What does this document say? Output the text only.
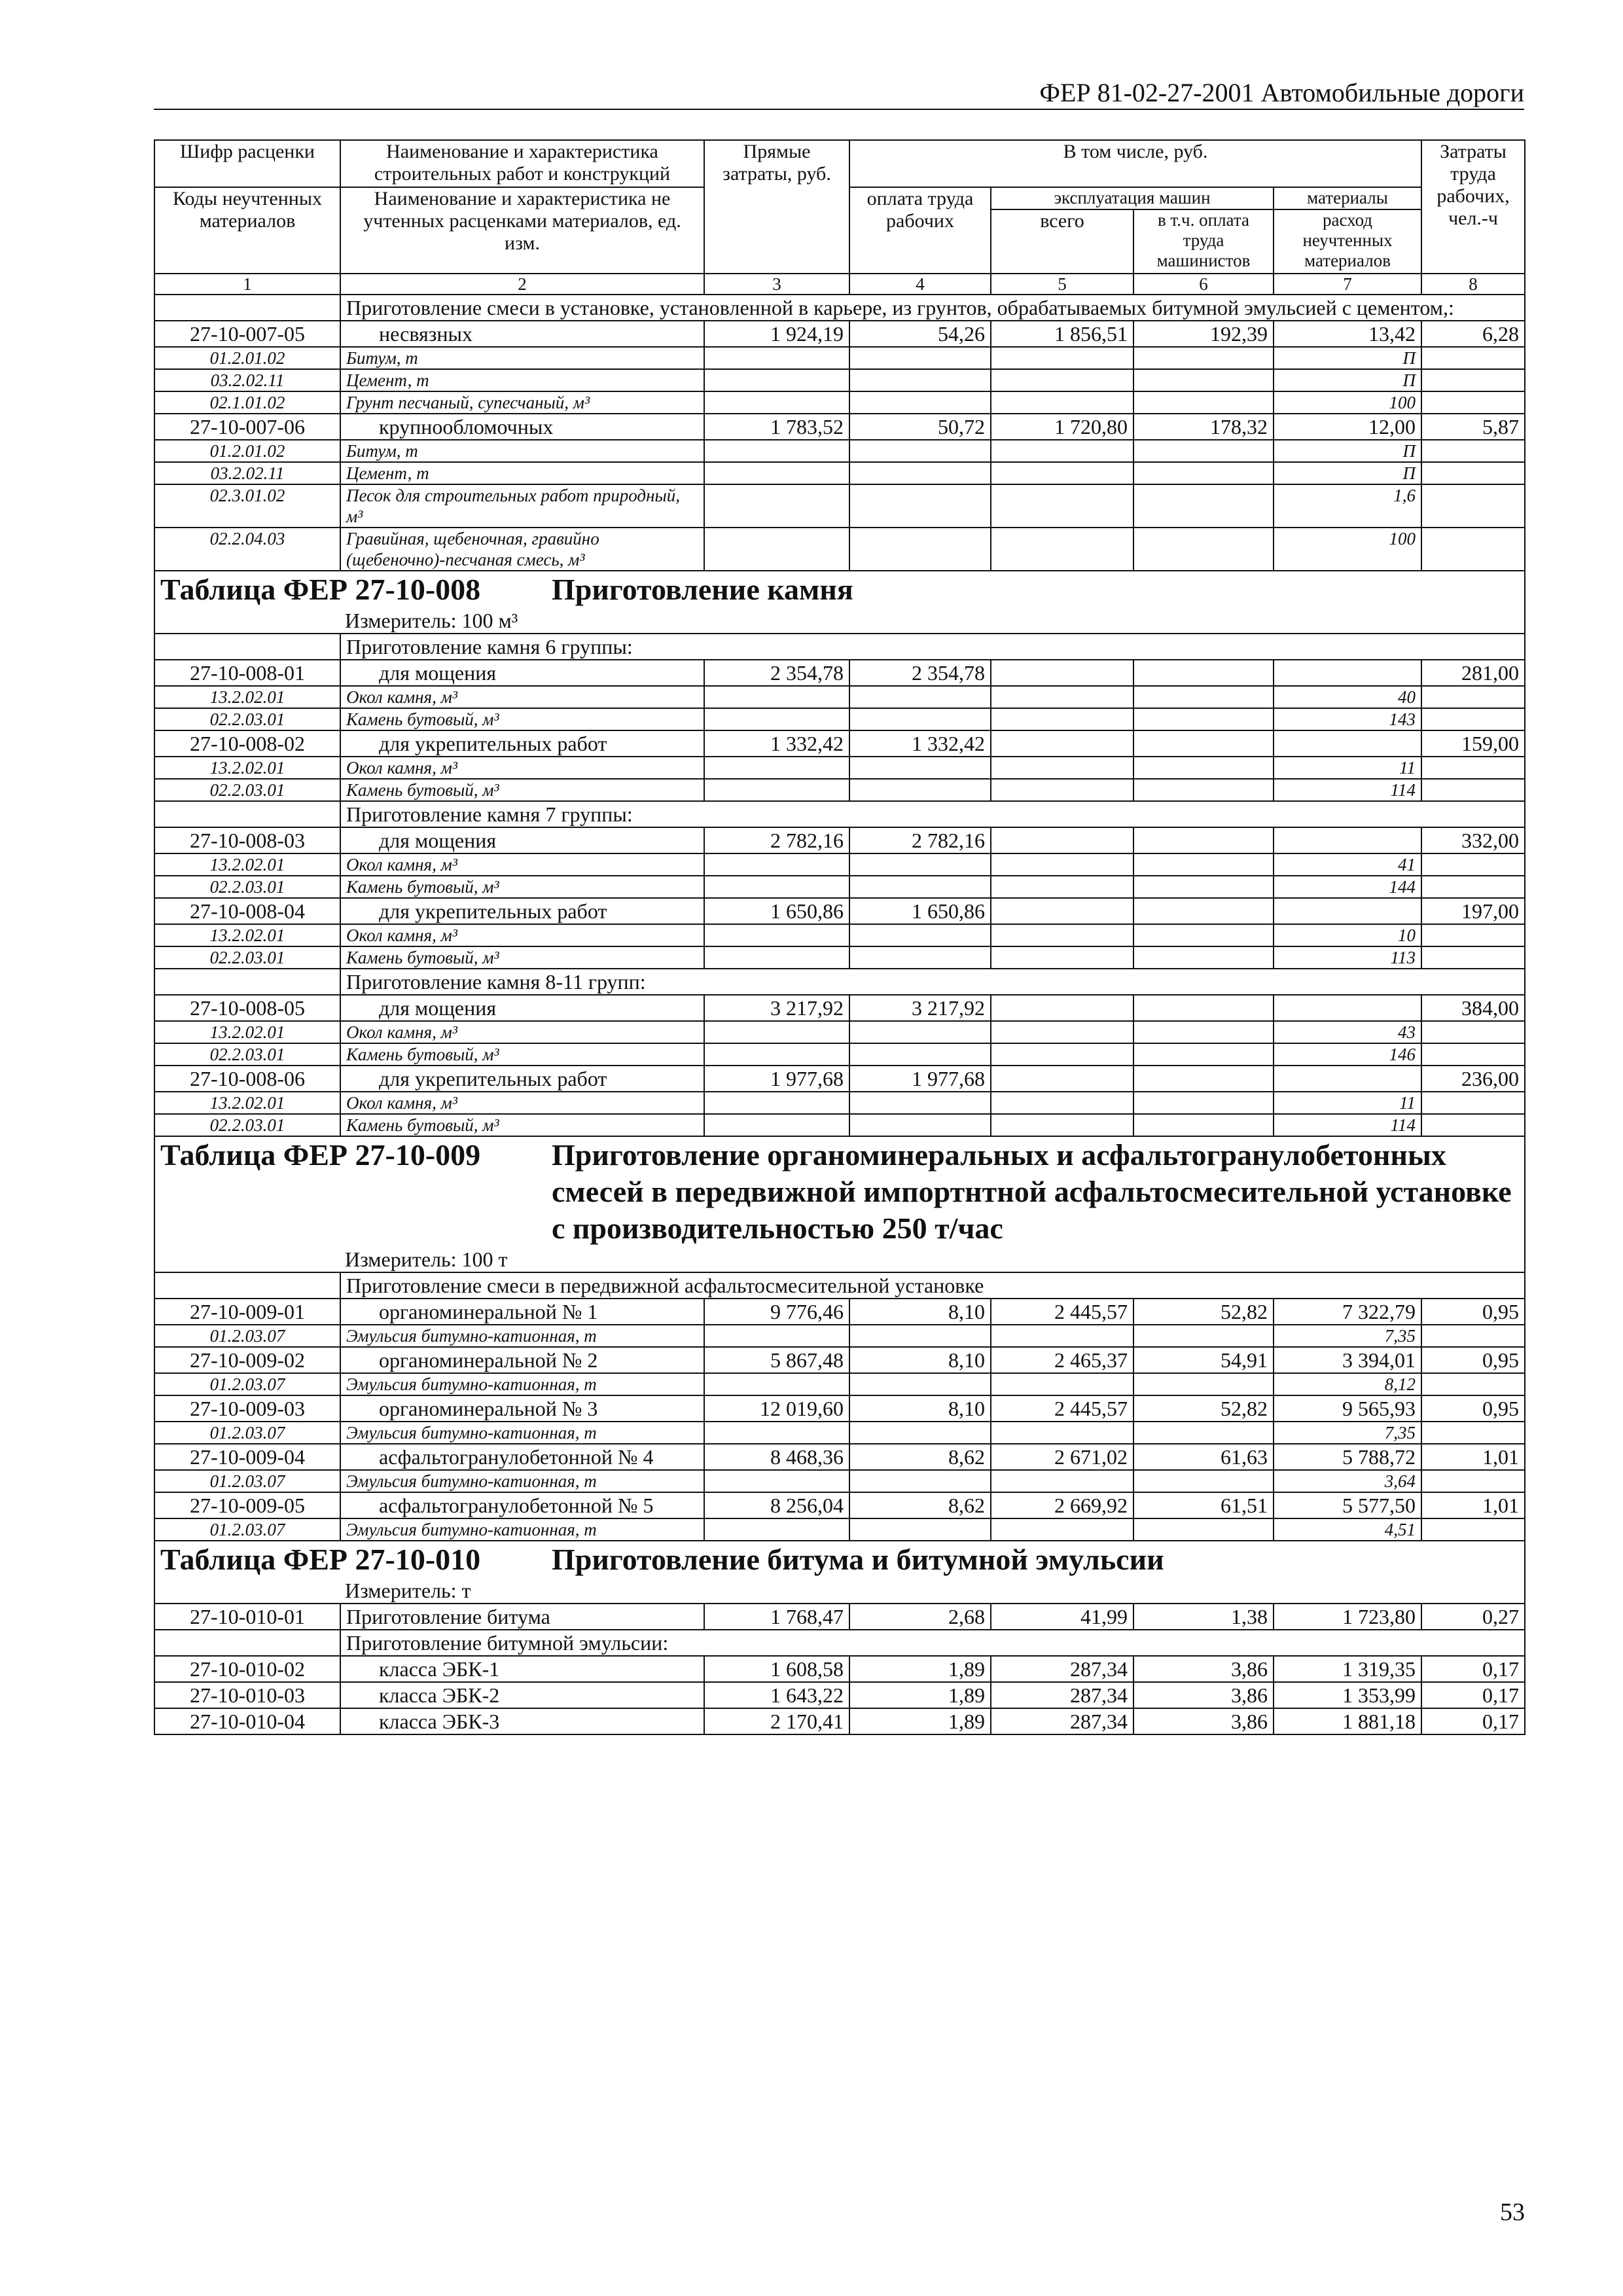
ФЕР 81-02-27-2001 Автомобильные дороги
Шифр расценки	Наименование и характеристика строительных работ и конструкций	Прямые затраты, руб.	В том числе, руб.				Затраты труда рабочих, чел.-ч
Коды неучтенных материалов	Наименование и характеристика не учтенных расценками материалов, ед. изм.		оплата труда рабочих	эксплуатация машин		материалы	
				всего	в т.ч. оплата труда машинистов	расход неучтенных материалов	

1	2	3	4	5	6	7	8
	Приготовление смеси в установке, установленной в карьере, из грунтов, обрабатываемых битумной эмульсией с цементом,:						
27-10-007-05	несвязных	1 924,19	54,26	1 856,51	192,39	13,42	6,28
01.2.01.02	Битум, т					П	
03.2.02.11	Цемент, т					П	
02.1.01.02	Грунт песчаный, супесчаный, м³					100	
27-10-007-06	крупнообломочных	1 783,52	50,72	1 720,80	178,32	12,00	5,87
01.2.01.02	Битум, т					П	
03.2.02.11	Цемент, т					П	
02.3.01.02	Песок для строительных работ природный, м³					1,6	
02.2.04.03	Гравийная, щебеночная, гравийно (щебеночно)-песчаная смесь, м³					100	

Таблица ФЕР 27-10-008 Приготовление камня							

Измеритель: 100 м³							
	Приготовление камня 6 группы:						
27-10-008-01	для мощения	2 354,78	2 354,78				281,00
13.2.02.01	Окол камня, м³					40	
02.2.03.01	Камень бутовый, м³					143	
27-10-008-02	для укрепительных работ	1 332,42	1 332,42				159,00
13.2.02.01	Окол камня, м³					11	
02.2.03.01	Камень бутовый, м³					114	
	Приготовление камня 7 группы:						
27-10-008-03	для мощения	2 782,16	2 782,16				332,00
13.2.02.01	Окол камня, м³					41	
02.2.03.01	Камень бутовый, м³					144	
27-10-008-04	для укрепительных работ	1 650,86	1 650,86				197,00
13.2.02.01	Окол камня, м³					10	
02.2.03.01	Камень бутовый, м³					113	
	Приготовление камня 8-11 групп:						
27-10-008-05	для мощения	3 217,92	3 217,92				384,00
13.2.02.01	Окол камня, м³					43	
02.2.03.01	Камень бутовый, м³					146	
27-10-008-06	для укрепительных работ	1 977,68	1 977,68				236,00
13.2.02.01	Окол камня, м³					11	
02.2.03.01	Камень бутовый, м³					114	

Таблица ФЕР 27-10-009 Приготовление органоминеральных и асфальтогранулобетонных смесей в передвижной импортнтной асфальтосмесительной установке с производительностью 250 т/час							

Измеритель: 100 т							
	Приготовление смеси в передвижной асфальтосмесительной установке						
27-10-009-01	органоминеральной № 1	9 776,46	8,10	2 445,57	52,82	7 322,79	0,95
01.2.03.07	Эмульсия битумно-катионная, т					7,35	
27-10-009-02	органоминеральной № 2	5 867,48	8,10	2 465,37	54,91	3 394,01	0,95
01.2.03.07	Эмульсия битумно-катионная, т					8,12	
27-10-009-03	органоминеральной № 3	12 019,60	8,10	2 445,57	52,82	9 565,93	0,95
01.2.03.07	Эмульсия битумно-катионная, т					7,35	
27-10-009-04	асфальтогранулобетонной № 4	8 468,36	8,62	2 671,02	61,63	5 788,72	1,01
01.2.03.07	Эмульсия битумно-катионная, т					3,64	
27-10-009-05	асфальтогранулобетонной № 5	8 256,04	8,62	2 669,92	61,51	5 577,50	1,01
01.2.03.07	Эмульсия битумно-катионная, т					4,51	

Таблица ФЕР 27-10-010 Приготовление битума и битумной эмульсии							

Измеритель: т							
27-10-010-01	Приготовление битума	1 768,47	2,68	41,99	1,38	1 723,80	0,27
	Приготовление битумной эмульсии:						
27-10-010-02	класса ЭБК-1	1 608,58	1,89	287,34	3,86	1 319,35	0,17
27-10-010-03	класса ЭБК-2	1 643,22	1,89	287,34	3,86	1 353,99	0,17
27-10-010-04	класса ЭБК-3	2 170,41	1,89	287,34	3,86	1 881,18	0,17
53
